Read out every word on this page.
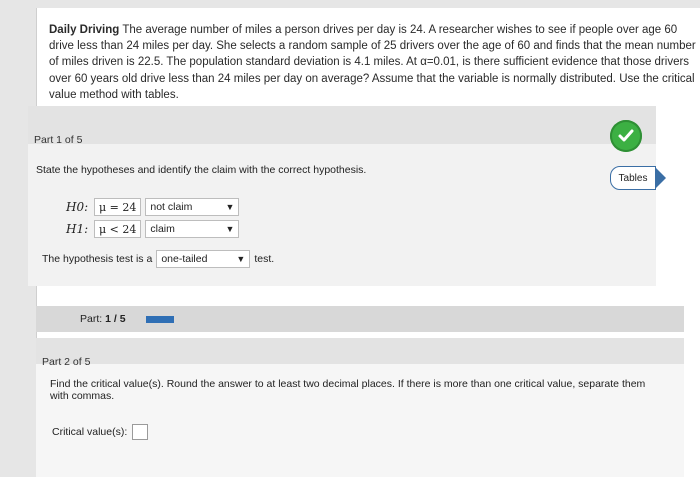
Daily Driving The average number of miles a person drives per day is 24. A researcher wishes to see if people over age 60 drive less than 24 miles per day. She selects a random sample of 25 drivers over the age of 60 and finds that the mean number of miles driven is 22.5. The population standard deviation is 4.1 miles. At α=0.01, is there sufficient evidence that those drivers over 60 years old drive less than 24 miles per day on average? Assume that the variable is normally distributed. Use the critical value method with tables.
Part 1 of 5
State the hypotheses and identify the claim with the correct hypothesis.
H0: μ = 24	not claim	▼
H1: μ < 24	claim	▼
The hypothesis test is a one-tailed	▼ test.
Tables
Part: 1 / 5
Part 2 of 5
Find the critical value(s). Round the answer to at least two decimal places. If there is more than one critical value, separate them with commas.
Critical value(s):
